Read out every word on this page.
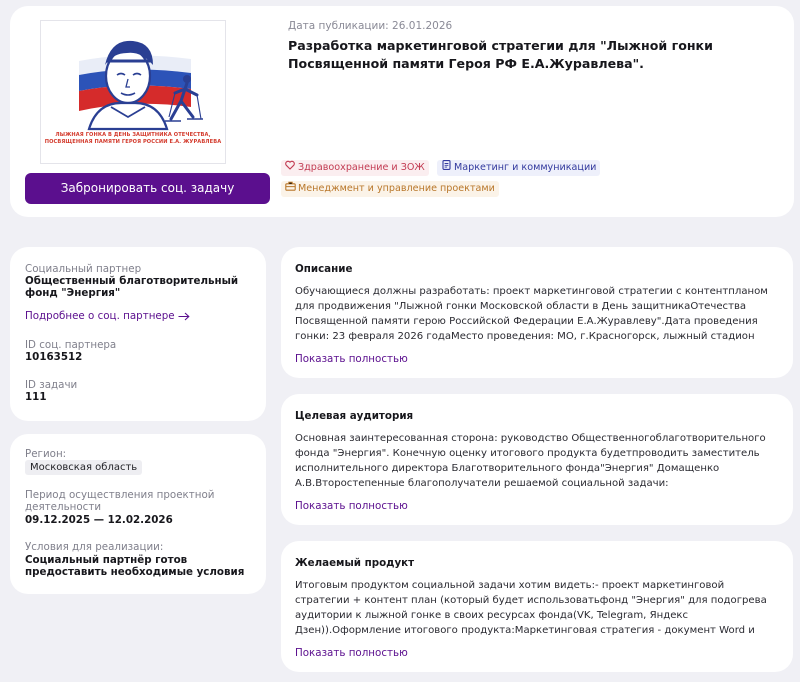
ЛЫЖНАЯ ГОНКА В ДЕНЬ ЗАЩИТНИКА ОТЕЧЕСТВА,
ПОСВЯЩЕННАЯ ПАМЯТИ ГЕРОЯ РОССИИ Е.А. ЖУРАВЛЕВА
Забронировать соц. задачу
Дата публикации: 26.01.2026
Разработка маркетинговой стратегии для "Лыжной гонки Посвященной памяти Героя РФ Е.А.Журавлева".
Здравоохранение и ЗОЖ	Маркетинг и коммуникации
Менеджмент и управление проектами
Социальный партнер
Общественный благотворительный фонд "Энергия"
Подробнее о соц. партнере
ID соц. партнера
10163512
ID задачи
111
Регион:
Московская область
Период осуществления проектной деятельности
09.12.2025 — 12.02.2026
Условия для реализации:
Социальный партнёр готов предоставить необходимые условия
Описание
Обучающиеся должны разработать: проект маркетинговой стратегии с контентпланом для продвижения "Лыжной гонки Московской области в День защитникаОтечества Посвященной памяти герою Российской Федерации Е.А.Журавлеву".Дата проведения гонки: 23 февраля 2026 годаМесто проведения: МО, г.Красногорск, лыжный стадион
Показать полностью
Целевая аудитория
Основная заинтересованная сторона: руководство Общественногоблаготворительного фонда "Энергия". Конечную оценку итогового продукта будетпроводить заместитель исполнительного директора Благотворительного фонда"Энергия" Домащенко А.В.Второстепенные благополучатели решаемой социальной задачи:
Показать полностью
Желаемый продукт
Итоговым продуктом социальной задачи хотим видеть:- проект маркетинговой стратегии + контент план (который будет использоватьфонд "Энергия" для подогрева аудитории к лыжной гонке в своих ресурсах фонда(VK, Telegram, Яндекс Дзен)).Оформление итогового продукта:Маркетинговая стратегия - документ Word и
Показать полностью
